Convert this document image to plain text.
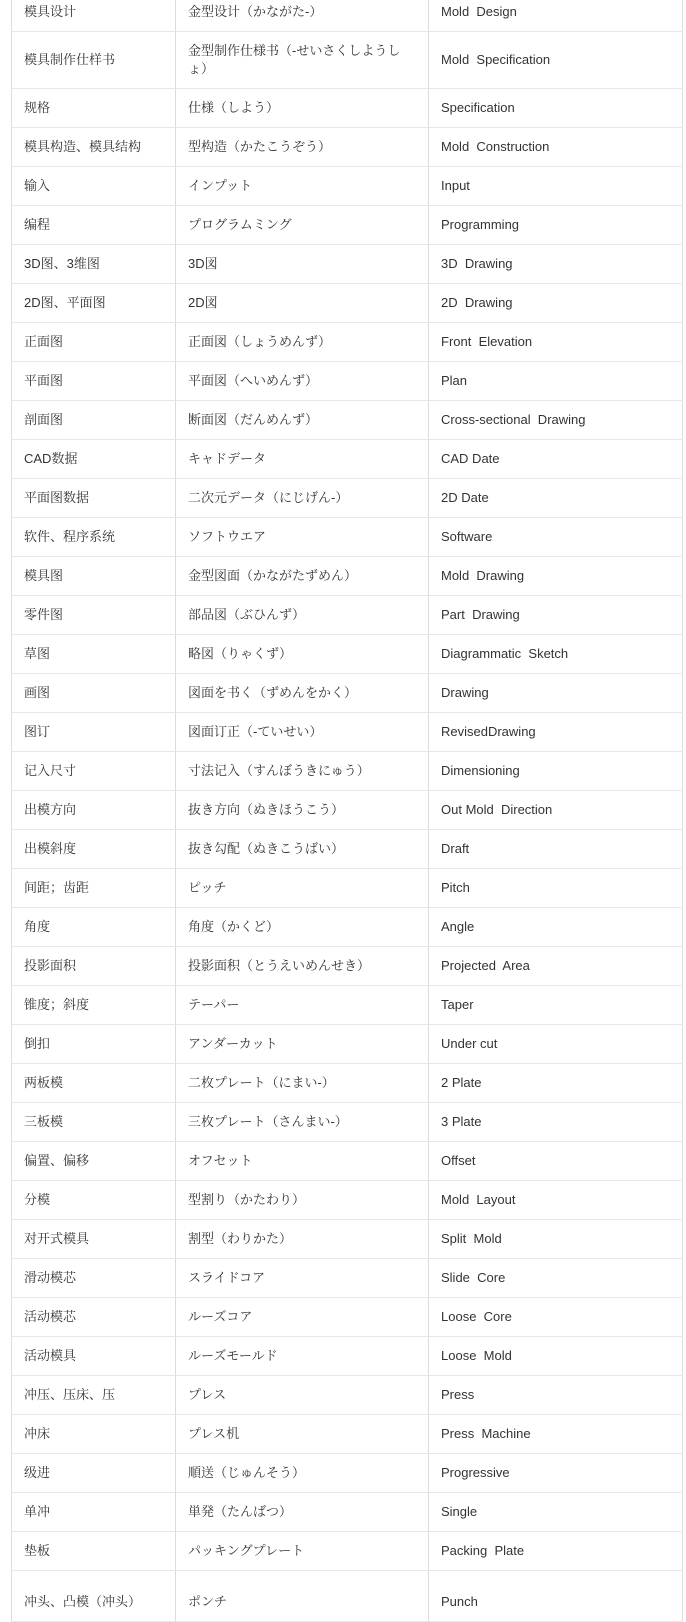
模具设计	金型设计（かながた-）	Mold  Design
模具制作仕样书	金型制作仕様书（‐せいさくしようしょ）	Mold  Specification
规格	仕様（しよう）	Specification
模具构造、模具结构	型构造（かたこうぞう）	Mold  Construction
输入	インプット	Input
编程	プログラムミング	Programming
3D图、3维图	3D図	3D  Drawing
2D图、平面图	2D図	2D  Drawing
正面图	正面図（しょうめんず）	Front  Elevation
平面图	平面図（へいめんず）	Plan
剖面图	断面図（だんめんず）	Cross-sectional  Drawing
CAD数据	キャドデータ	CAD Date
平面图数据	二次元データ（にじげん‐）	2D Date
软件、程序系统	ソフトウエア	Software
模具图	金型図面（かながたずめん）	Mold  Drawing
零件图	部品図（ぶひんず）	Part  Drawing
草图	略図（りゃくず）	Diagrammatic  Sketch
画图	図面を书く（ずめんをかく）	Drawing
图订	図面订正（-ていせい）	RevisedDrawing
记入尺寸	寸法记入（すんぼうきにゅう）	Dimensioning
出模方向	抜き方向（ぬきほうこう）	Out Mold  Direction
出模斜度	抜き勾配（ぬきこうばい）	Draft
间距；齿距	ピッチ	Pitch
角度	角度（かくど）	Angle
投影面积	投影面积（とうえいめんせき）	Projected  Area
锥度；斜度	テーパー	Taper
倒扣	アンダーカット	Under cut
两板模	二枚プレート（にまい-）	2 Plate
三板模	三枚プレート（さんまい-）	3 Plate
偏置、偏移	オフセット	Offset
分模	型割り（かたわり）	Mold  Layout
对开式模具	割型（わりかた）	Split  Mold
滑动模芯	スライドコア	Slide  Core
活动模芯	ルーズコア	Loose  Core
活动模具	ルーズモールド	Loose  Mold
冲压、压床、压	プレス	Press
冲床	プレス机	Press  Machine
级进	順送（じゅんそう）	Progressive
单冲	単発（たんばつ）	Single
垫板	パッキングプレート	Packing  Plate
冲头、凸模（冲头）	ポンチ	Punch
